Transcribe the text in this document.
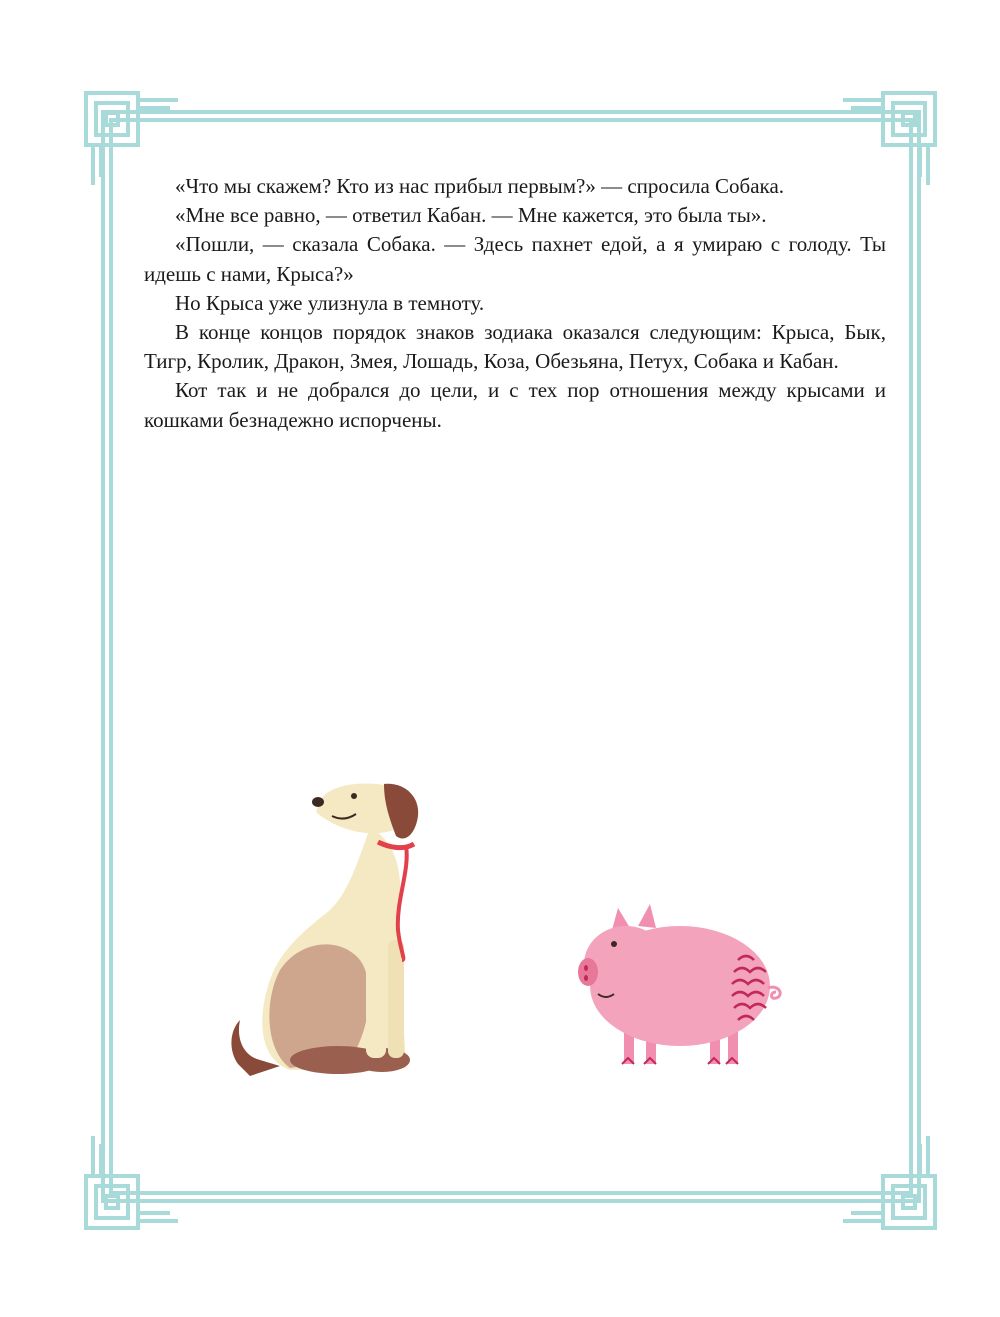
«Что мы скажем? Кто из нас прибыл первым?» — спросила Собака.

«Мне все равно, — ответил Кабан. — Мне кажется, это была ты».

«Пошли, — сказала Собака. — Здесь пахнет едой, а я умираю с голоду. Ты идешь с нами, Крыса?»

Но Крыса уже улизнула в темноту.

В конце концов порядок знаков зодиака оказался следующим: Крыса, Бык, Тигр, Кролик, Дракон, Змея, Лошадь, Коза, Обезьяна, Петух, Собака и Кабан.

Кот так и не добрался до цели, и с тех пор отношения между крысами и кошками безнадежно испорчены.
